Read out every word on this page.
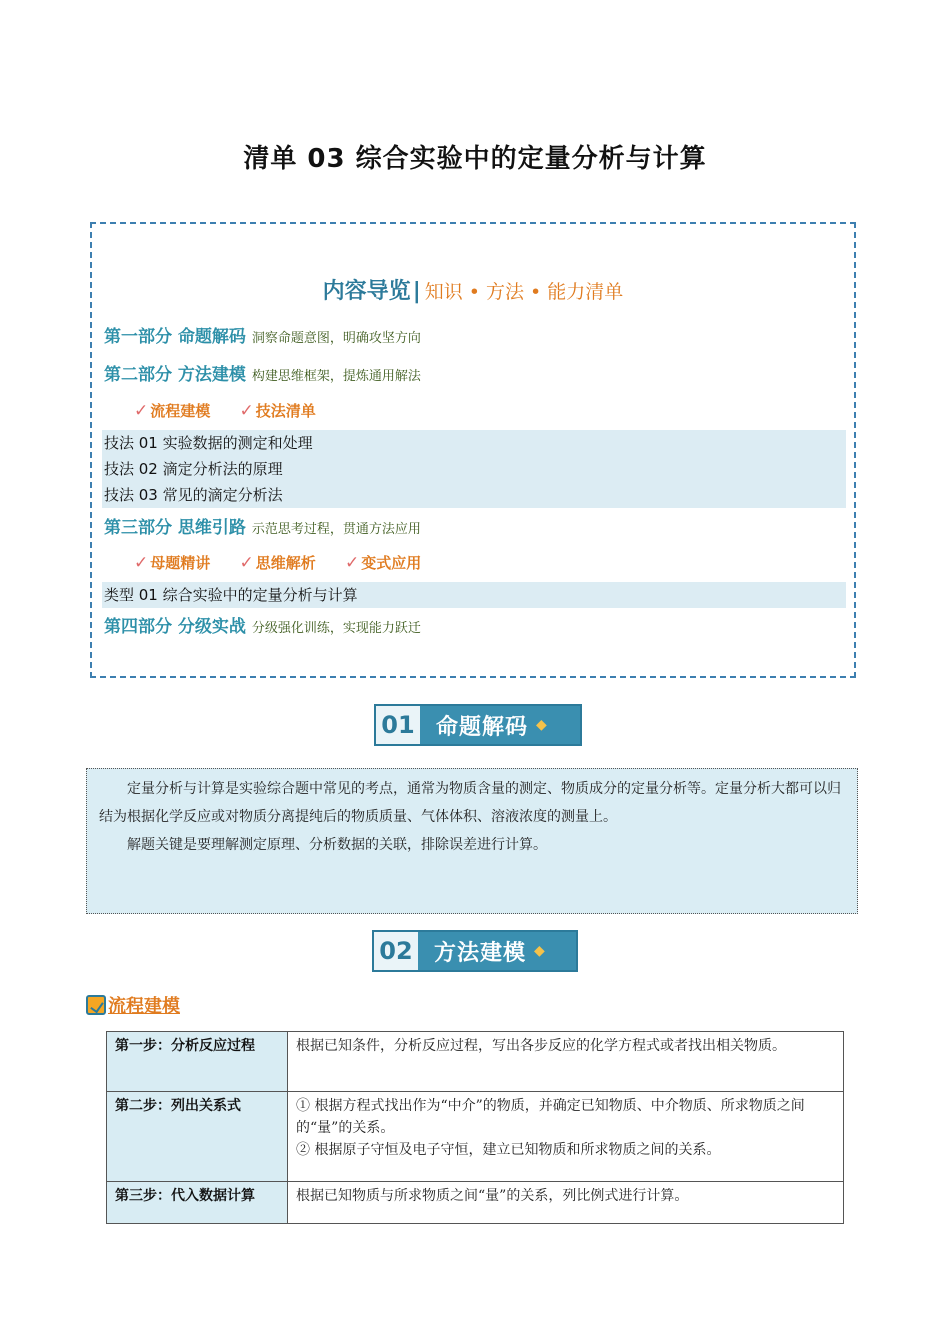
清单 03 综合实验中的定量分析与计算
内容导览| 知识 • 方法 • 能力清单
第一部分 命题解码 洞察命题意图，明确攻坚方向
第二部分 方法建模 构建思维框架，提炼通用解法
✓ 流程建模 ✓ 技法清单
技法 01 实验数据的测定和处理
技法 02 滴定分析法的原理
技法 03 常见的滴定分析法
第三部分 思维引路 示范思考过程，贯通方法应用
✓ 母题精讲 ✓ 思维解析 ✓ 变式应用
类型 01 综合实验中的定量分析与计算
第四部分 分级实战 分级强化训练，实现能力跃迁
01 命题解码 ◆

定量分析与计算是实验综合题中常见的考点，通常为物质含量的测定、物质成分的定量分析等。定量分析大都可以归结为根据化学反应或对物质分离提纯后的物质质量、气体体积、溶液浓度的测量上。

解题关键是要理解测定原理、分析数据的关联，排除误差进行计算。

02 方法建模 ◆
流程建模
第一步：分析反应过程	根据已知条件，分析反应过程，写出各步反应的化学方程式或者找出相关物质。
第二步：列出关系式	① 根据方程式找出作为“中介”的物质，并确定已知物质、中介物质、所求物质之间的“量”的关系。
② 根据原子守恒及电子守恒，建立已知物质和所求物质之间的关系。

第三步：代入数据计算	根据已知物质与所求物质之间“量”的关系，列比例式进行计算。
